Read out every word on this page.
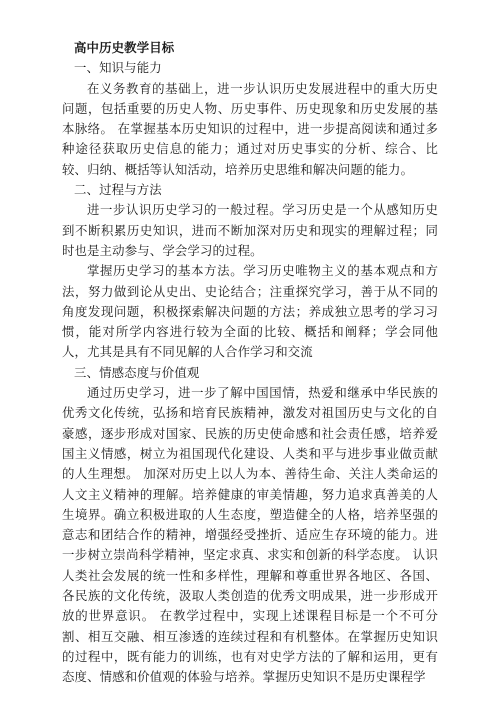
高中历史教学目标

一、知识与能力

在义务教育的基础上，进一步认识历史发展进程中的重大历史问题，包括重要的历史人物、历史事件、历史现象和历史发展的基本脉络。 在掌握基本历史知识的过程中，进一步提高阅读和通过多种途径获取历史信息的能力；通过对历史事实的分析、综合、比较、归纳、概括等认知活动，培养历史思维和解决问题的能力。

二、过程与方法

进一步认识历史学习的一般过程。学习历史是一个从感知历史到不断积累历史知识，进而不断加深对历史和现实的理解过程；同时也是主动参与、学会学习的过程。

掌握历史学习的基本方法。学习历史唯物主义的基本观点和方法，努力做到论从史出、史论结合；注重探究学习，善于从不同的角度发现问题，积极探索解决问题的方法；养成独立思考的学习习惯，能对所学内容进行较为全面的比较、概括和阐释；学会同他人，尤其是具有不同见解的人合作学习和交流

三、情感态度与价值观

通过历史学习，进一步了解中国国情，热爱和继承中华民族的优秀文化传统，弘扬和培育民族精神，激发对祖国历史与文化的自豪感，逐步形成对国家、民族的历史使命感和社会责任感，培养爱国主义情感，树立为祖国现代化建设、人类和平与进步事业做贡献的人生理想。 加深对历史上以人为本、善待生命、关注人类命运的人文主义精神的理解。培养健康的审美情趣，努力追求真善美的人生境界。确立积极进取的人生态度，塑造健全的人格，培养坚强的意志和团结合作的精神，增强经受挫折、适应生存环境的能力。进一步树立崇尚科学精神，坚定求真、求实和创新的科学态度。 认识人类社会发展的统一性和多样性，理解和尊重世界各地区、各国、各民族的文化传统，汲取人类创造的优秀文明成果，进一步形成开放的世界意识。 在教学过程中，实现上述课程目标是一个不可分割、相互交融、相互渗透的连续过程和有机整体。在掌握历史知识的过程中，既有能力的训练，也有对史学方法的了解和运用，更有态度、情感和价值观的体验与培养。掌握历史知识不是历史课程学
